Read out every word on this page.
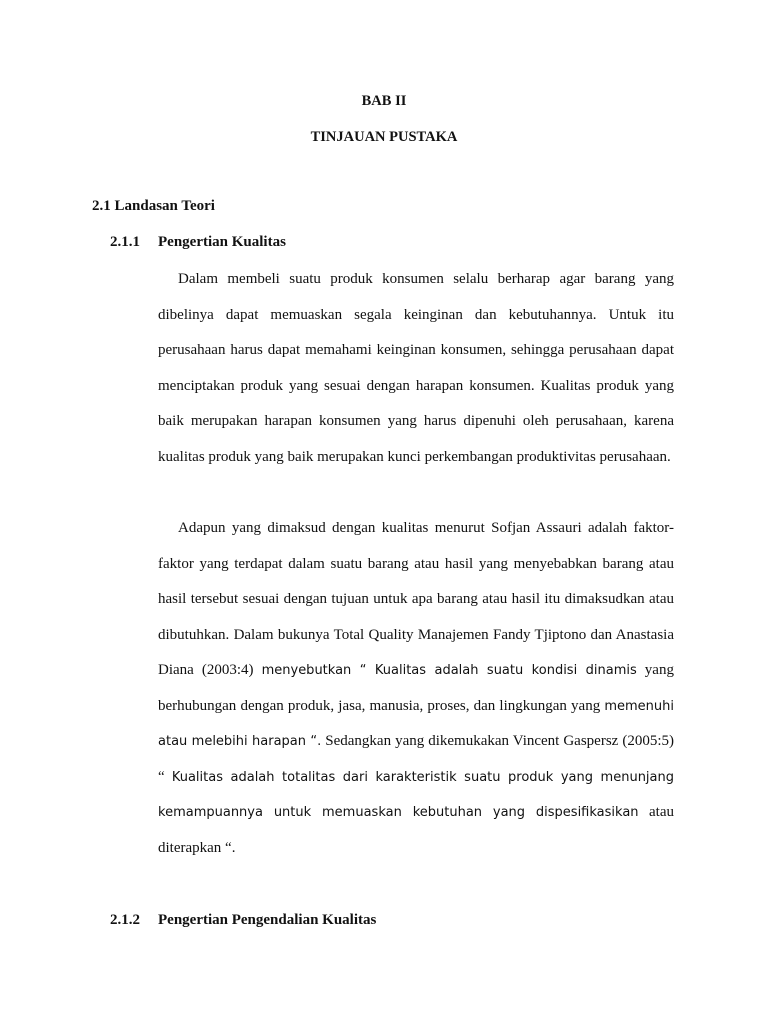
BAB II
TINJAUAN PUSTAKA
2.1 Landasan Teori
2.1.1 Pengertian Kualitas

Dalam membeli suatu produk konsumen selalu berharap agar barang yang dibelinya dapat memuaskan segala keinginan dan kebutuhannya. Untuk itu perusahaan harus dapat memahami keinginan konsumen, sehingga perusahaan dapat menciptakan produk yang sesuai dengan harapan konsumen. Kualitas produk yang baik merupakan harapan konsumen yang harus dipenuhi oleh perusahaan, karena kualitas produk yang baik merupakan kunci perkembangan produktivitas perusahaan.

Adapun yang dimaksud dengan kualitas menurut Sofjan Assauri adalah faktor-faktor yang terdapat dalam suatu barang atau hasil yang menyebabkan barang atau hasil tersebut sesuai dengan tujuan untuk apa barang atau hasil itu dimaksudkan atau dibutuhkan. Dalam bukunya Total Quality Manajemen Fandy Tjiptono dan Anastasia Diana (2003:4) menyebutkan “ Kualitas adalah suatu kondisi dinamis yang berhubungan dengan produk, jasa, manusia, proses, dan lingkungan yang memenuhi atau melebihi harapan “. Sedangkan yang dikemukakan Vincent Gaspersz (2005:5) “ Kualitas adalah totalitas dari karakteristik suatu produk yang menunjang kemampuannya untuk memuaskan kebutuhan yang dispesifikasikan atau diterapkan “.

2.1.2 Pengertian Pengendalian Kualitas
